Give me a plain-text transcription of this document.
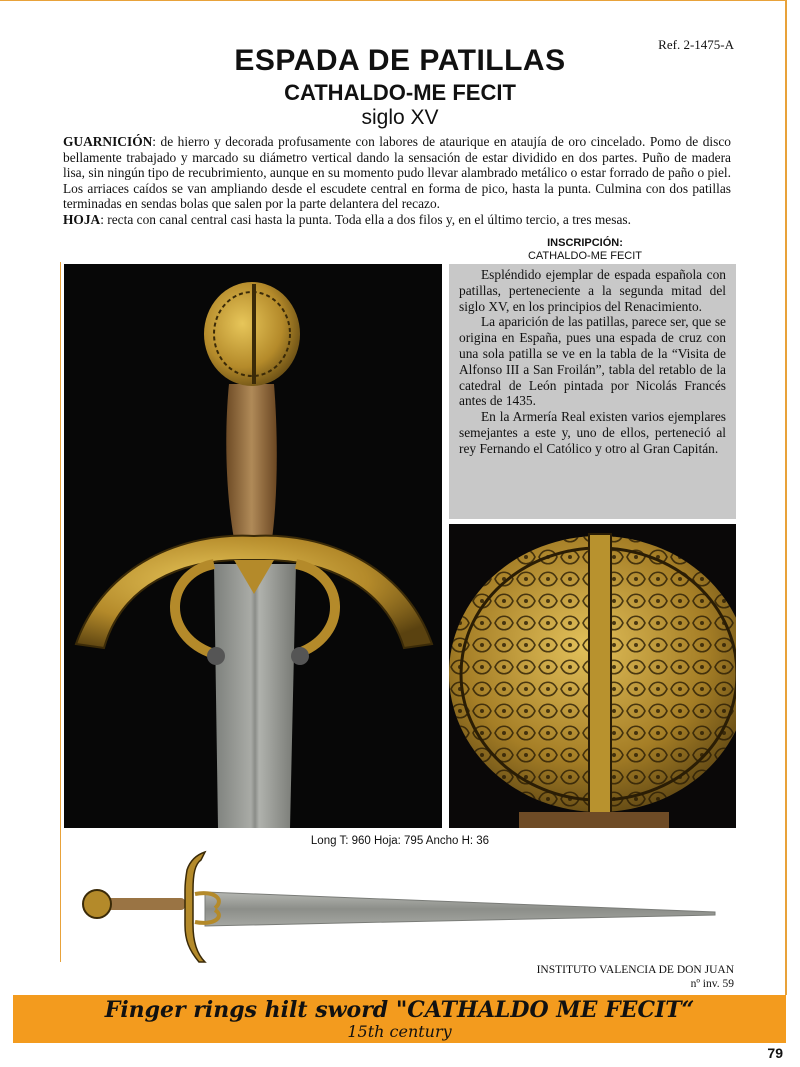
Ref. 2-1475-A
ESPADA DE PATILLAS
CATHALDO-ME FECIT
siglo XV
GUARNICIÓN: de hierro y decorada profusamente con labores de ataurique en ataujía de oro cincelado. Pomo de disco bellamente trabajado y marcado su diámetro vertical dando la sensación de estar dividido en dos partes. Puño de madera lisa, sin ningún tipo de recubrimiento, aunque en su momento pudo llevar alambrado metálico o estar forrado de paño o piel. Los arriaces caídos se van ampliando desde el escudete central en forma de pico, hasta la punta. Culmina con dos patillas terminadas en sendas bolas que salen por la parte delantera del recazo.
HOJA: recta con canal central casi hasta la punta. Toda ella a dos filos y, en el último tercio, a tres mesas.
INSCRIPCIÓN:
CATHALDO-ME FECIT

Espléndido ejemplar de espada española con patillas, perteneciente a la segunda mitad del siglo XV, en los principios del Renacimiento.

La aparición de las patillas, parece ser, que se origina en España, pues una espada de cruz con una sola patilla se ve en la tabla de la “Visita de Alfonso III a San Froilán”, tabla del retablo de la catedral de León pintada por Nicolás Francés antes de 1435.

En la Armería Real existen varios ejemplares semejantes a este y, uno de ellos, perteneció al rey Fernando el Católico y otro al Gran Capitán.

Long T: 960 Hoja: 795 Ancho H: 36
INSTITUTO VALENCIA DE DON JUAN
nº inv. 59
Finger rings hilt sword "CATHALDO ME FECIT“
15th century
79
